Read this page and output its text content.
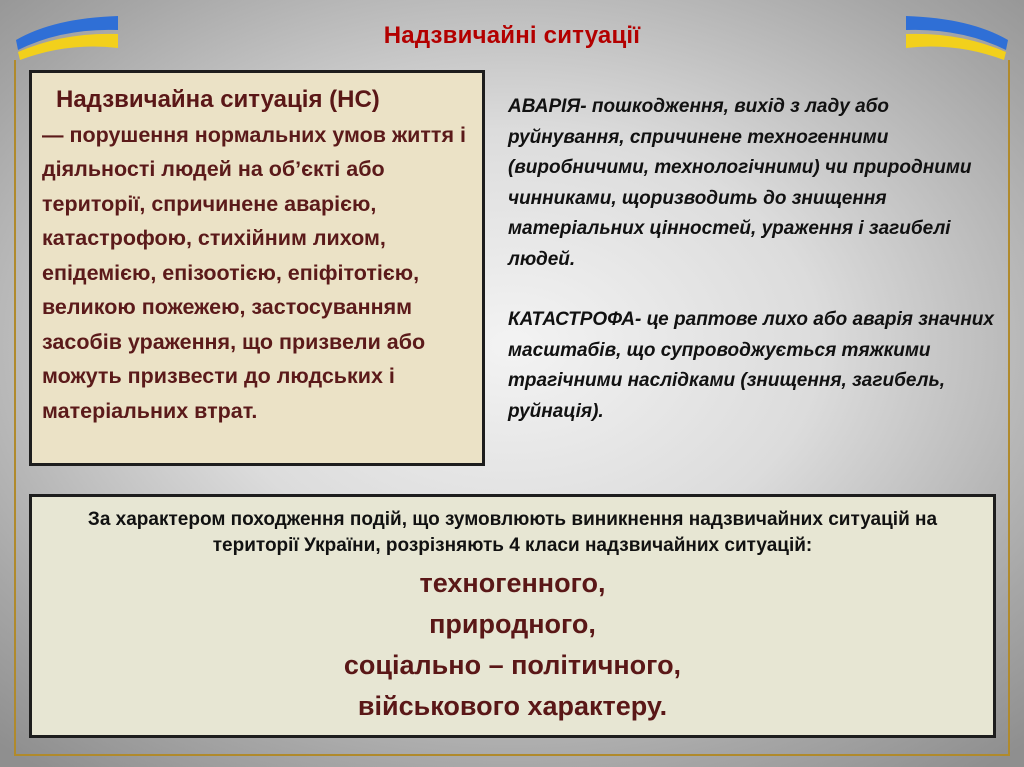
Надзвичайні ситуації
Надзвичайна ситуація (НС)
— порушення нормальних умов життя і діяльності людей на об’єкті або території, спричинене аварією, катастрофою, стихійним лихом, епідемією, епізоотією, епіфітотією, великою пожежею, застосуванням засобів ураження, що призвели або можуть призвести до людських і матеріальних втрат.

АВАРІЯ- пошкодження, вихід з ладу або руйнування, спричинене техногенними (виробничими, технологічними) чи природними чинниками, щоризводить до знищення матеріальних цінностей, ураження і загибелі людей.

КАТАСТРОФА- це раптове лихо або аварія значних масштабів, що супроводжується тяжкими трагічними наслідками (знищення, загибель, руйнація).

За характером походження подій, що зумовлюють виникнення надзвичайних ситуацій на території України, розрізняють 4 класи надзвичайних ситуацій:
техногенного,
природного,
соціально – політичного,
військового характеру.
